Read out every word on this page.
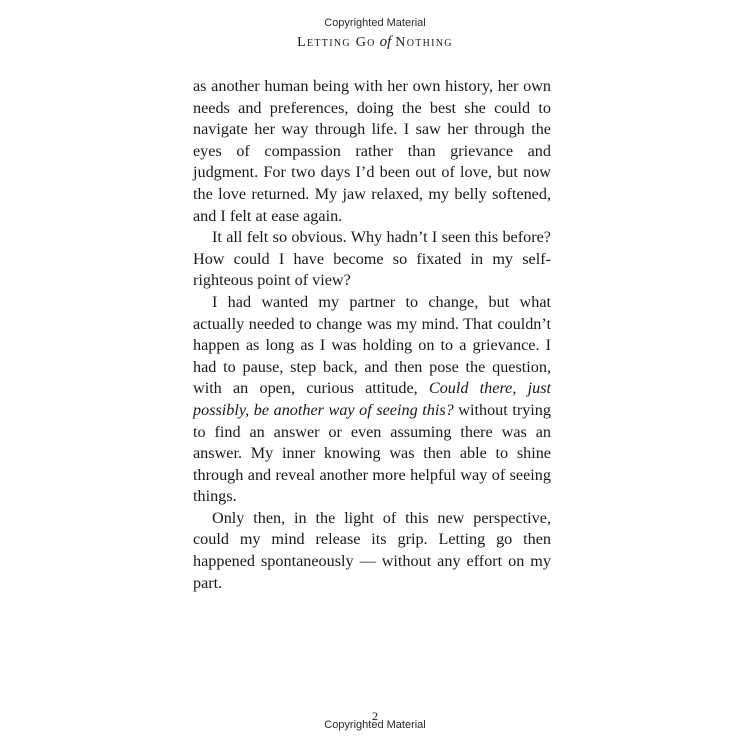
Copyrighted Material
Letting Go of Nothing

as another human being with her own history, her own needs and preferences, doing the best she could to navigate her way through life. I saw her through the eyes of compassion rather than grievance and judgment. For two days I’d been out of love, but now the love returned. My jaw relaxed, my belly softened, and I felt at ease again.

It all felt so obvious. Why hadn’t I seen this before? How could I have become so fixated in my self-righteous point of view?

I had wanted my partner to change, but what actually needed to change was my mind. That couldn’t happen as long as I was holding on to a grievance. I had to pause, step back, and then pose the question, with an open, curious attitude, Could there, just possibly, be another way of seeing this? without trying to find an answer or even assuming there was an answer. My inner knowing was then able to shine through and reveal another more helpful way of seeing things.

Only then, in the light of this new perspective, could my mind release its grip. Letting go then happened spontaneously — without any effort on my part.

2
Copyrighted Material
